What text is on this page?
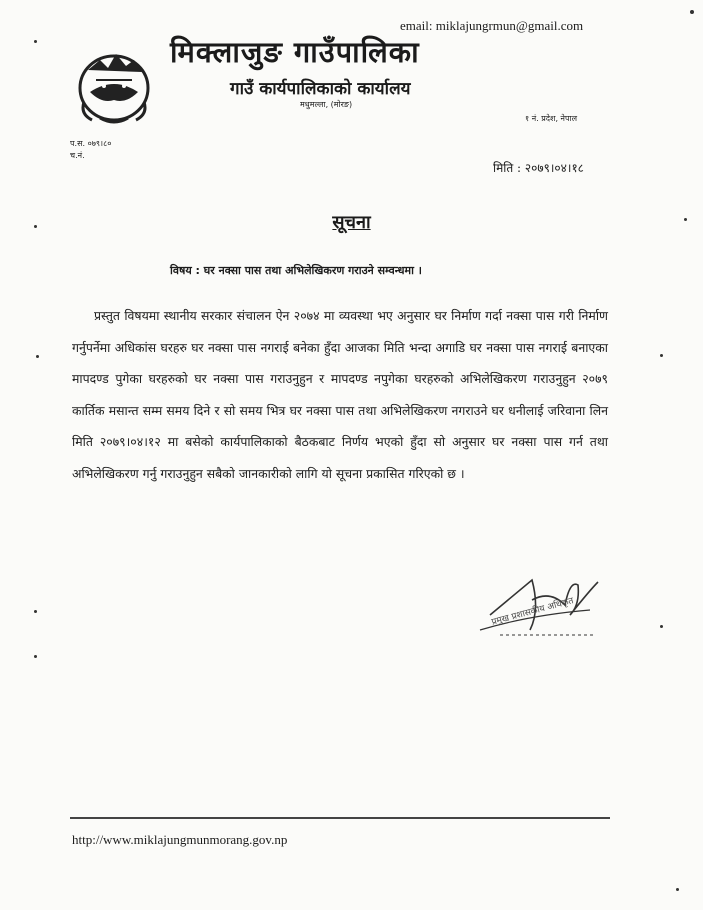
email: miklajungrmun@gmail.com
मिक्लाजुङ गाउँपालिका
गाउँ कार्यपालिकाको कार्यालय
मधुमल्ला, (मोरङ)
१ नं. प्रदेश, नेपाल
प.स. ०७९।८०
च.नं.
मिति : २०७९।०४।१८
सूचना
विषय : घर नक्सा पास तथा अभिलेखिकरण गराउने सम्वन्धमा ।

प्रस्तुत विषयमा स्थानीय सरकार संचालन ऐन २०७४ मा व्यवस्था भए अनुसार घर निर्माण गर्दा नक्सा पास गरी निर्माण गर्नुपर्नेमा अधिकांस घरहरु घर नक्सा पास नगराई बनेका हुँदा आजका मिति भन्दा अगाडि घर नक्सा पास नगराई बनाएका मापदण्ड पुगेका घरहरुको घर नक्सा पास गराउनुहुन र मापदण्ड नपुगेका घरहरुको अभिलेखिकरण गराउनुहुन २०७९ कार्तिक मसान्त सम्म समय दिने र सो समय भित्र घर नक्सा पास तथा अभिलेखिकरण नगराउने घर धनीलाई जरिवाना लिन मिति २०७९।०४।१२ मा बसेको कार्यपालिकाको बैठकबाट निर्णय भएको हुँदा सो अनुसार घर नक्सा पास गर्न तथा अभिलेखिकरण गर्नु गराउनुहुन सबैको जानकारीको लागि यो सूचना प्रकासित गरिएको छ ।

प्रमुख प्रशासकीय अधिकृत
http://www.miklajungmunmorang.gov.np
